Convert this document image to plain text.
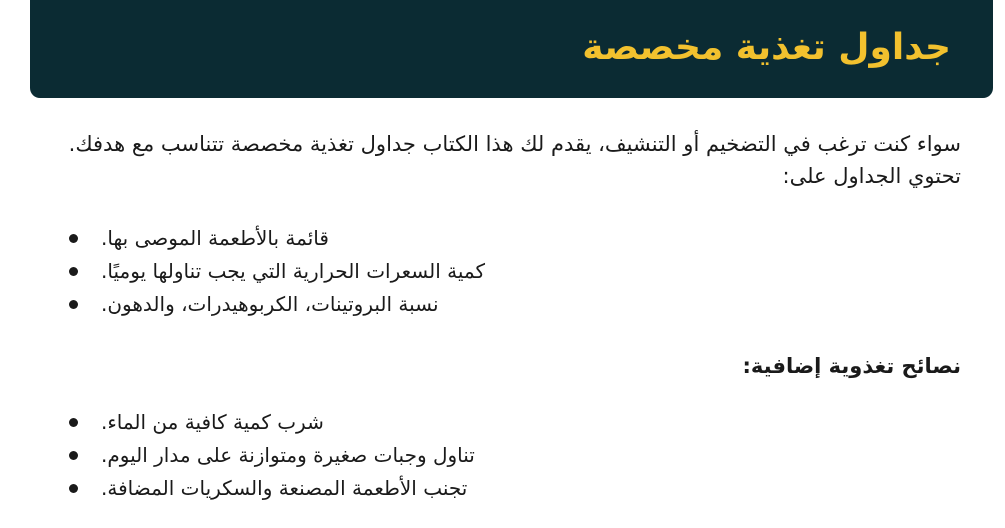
جداول تغذية مخصصة

سواء كنت ترغب في التضخيم أو التنشيف، يقدم لك هذا الكتاب جداول تغذية مخصصة تتناسب مع هدفك.

تحتوي الجداول على:

قائمة بالأطعمة الموصى بها.
كمية السعرات الحرارية التي يجب تناولها يوميًا.
نسبة البروتينات، الكربوهيدرات، والدهون.
نصائح تغذوية إضافية:
شرب كمية كافية من الماء.
تناول وجبات صغيرة ومتوازنة على مدار اليوم.
تجنب الأطعمة المصنعة والسكريات المضافة.
